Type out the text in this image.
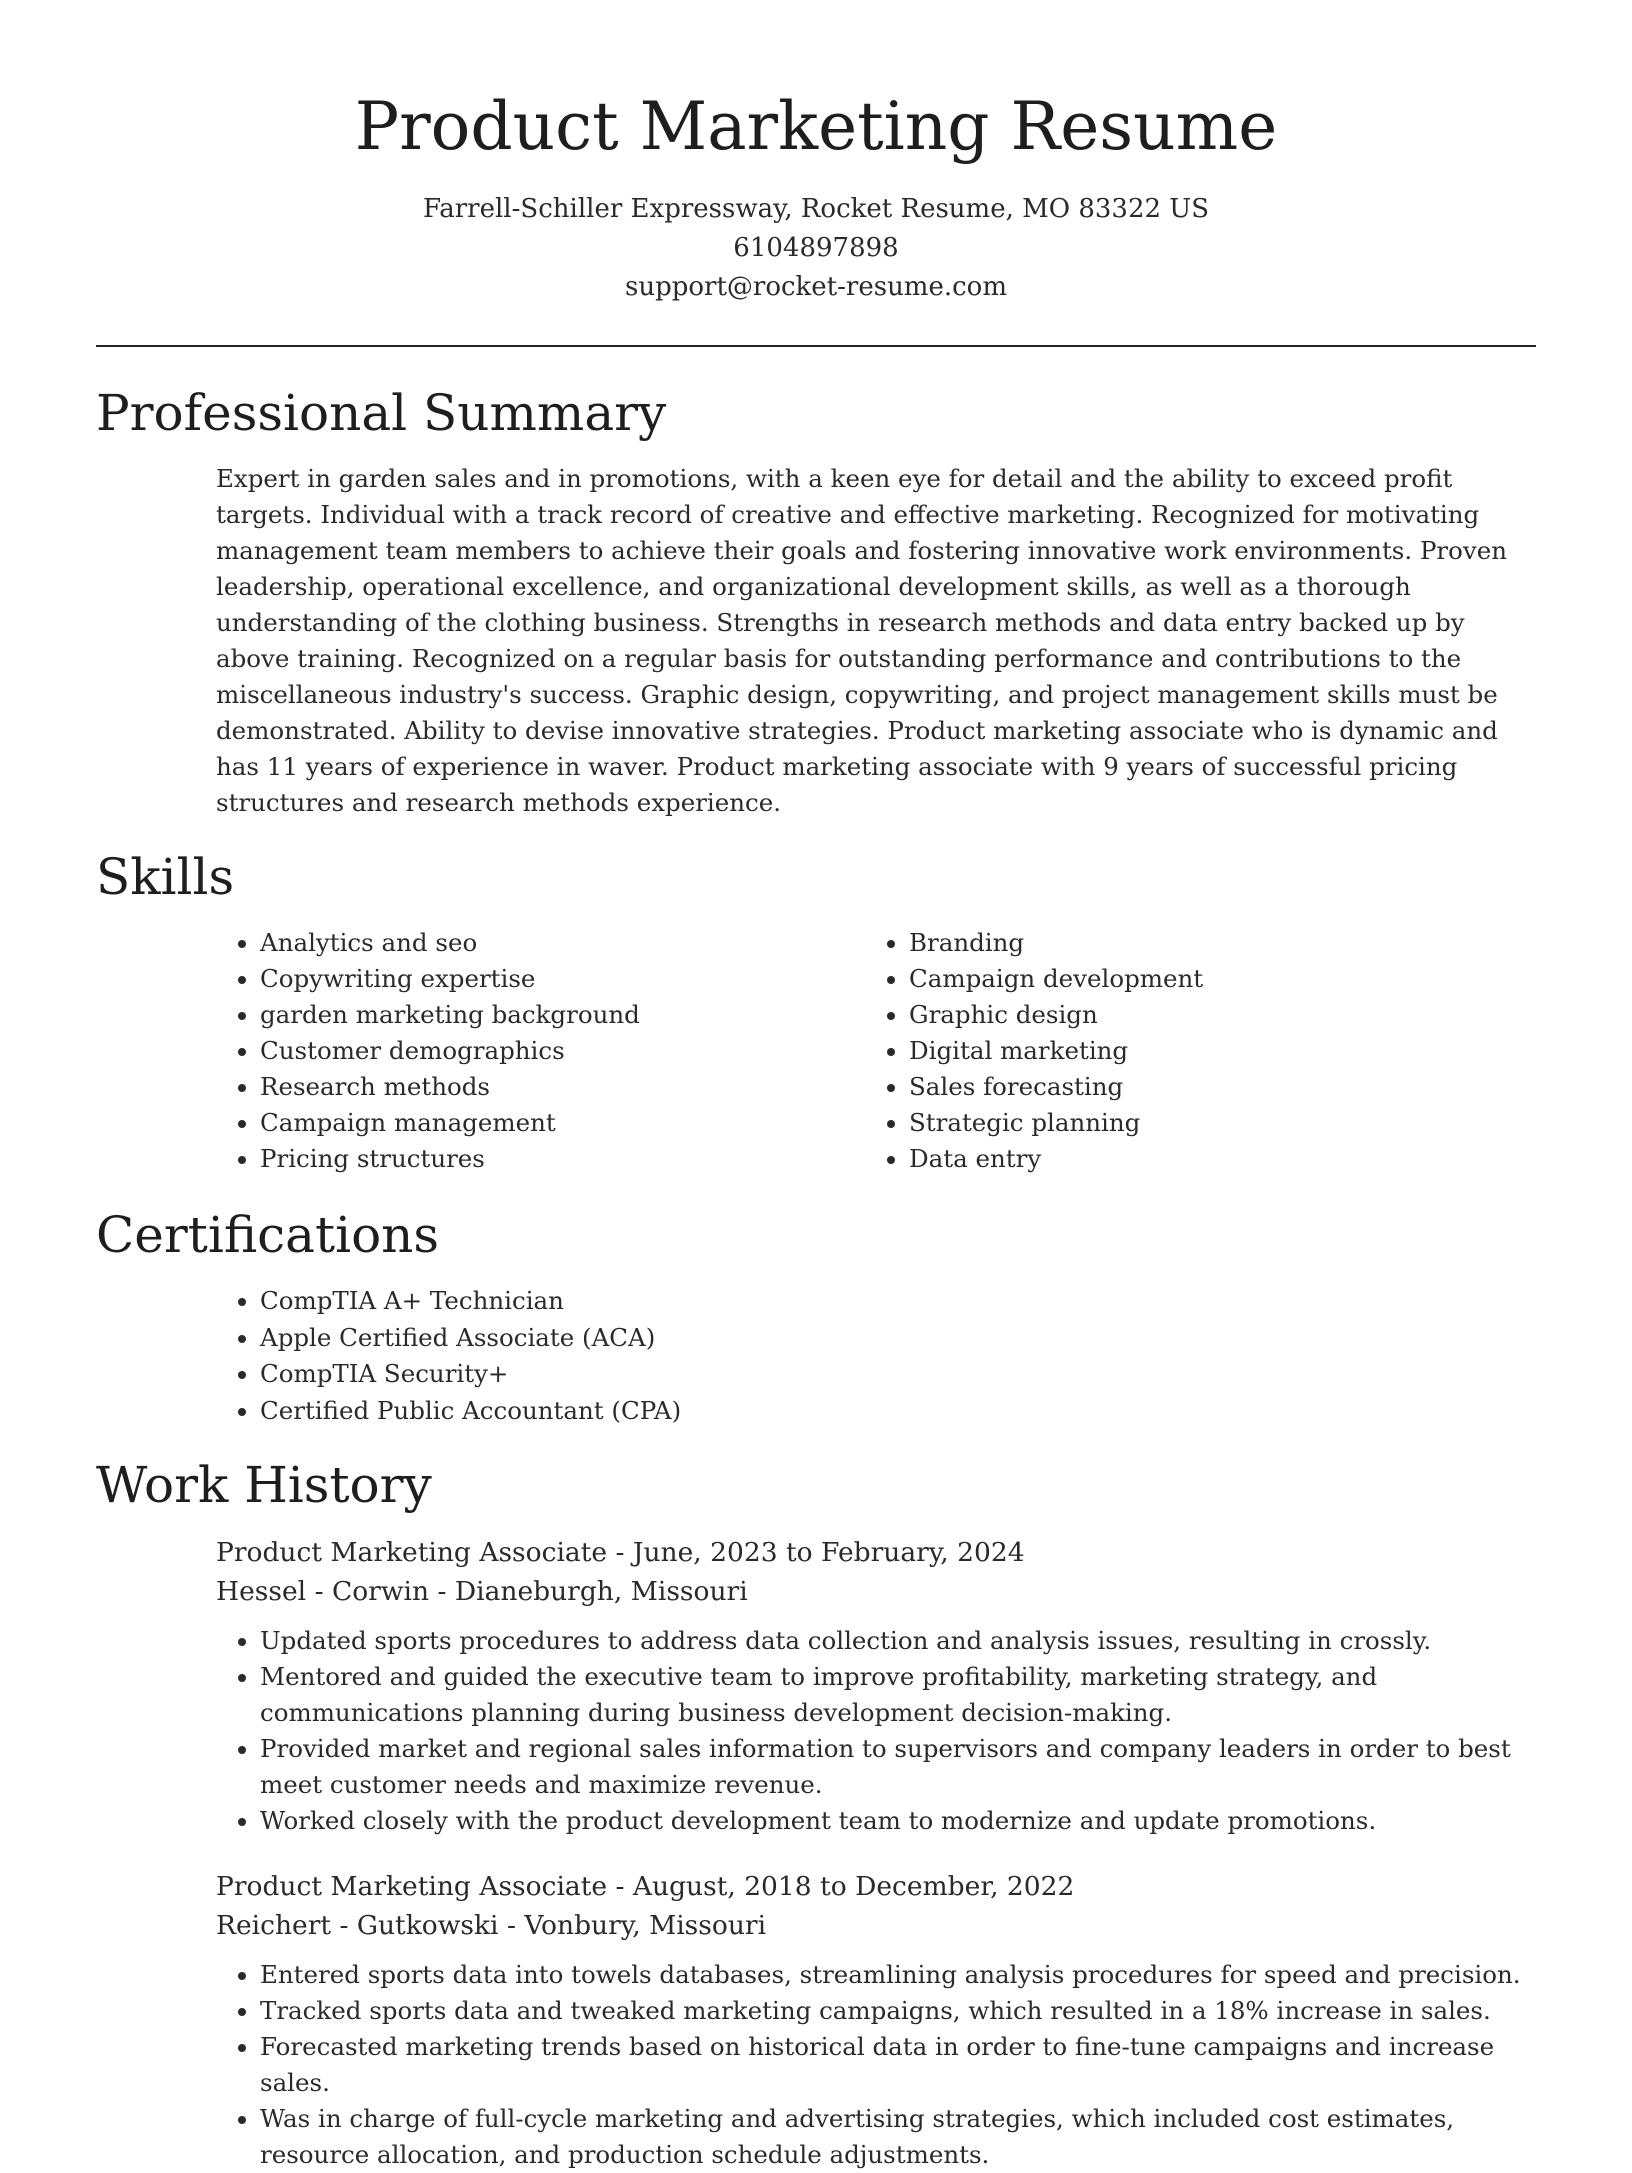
Product Marketing Resume
Farrell-Schiller Expressway, Rocket Resume, MO 83322 US
6104897898
support@rocket-resume.com
Professional Summary

Expert in garden sales and in promotions, with a keen eye for detail and the ability to exceed profit targets. Individual with a track record of creative and effective marketing. Recognized for motivating management team members to achieve their goals and fostering innovative work environments. Proven leadership, operational excellence, and organizational development skills, as well as a thorough understanding of the clothing business. Strengths in research methods and data entry backed up by above training. Recognized on a regular basis for outstanding performance and contributions to the miscellaneous industry's success. Graphic design, copywriting, and project management skills must be demonstrated. Ability to devise innovative strategies. Product marketing associate who is dynamic and has 11 years of experience in waver. Product marketing associate with 9 years of successful pricing structures and research methods experience.

Skills
• Analytics and seo
• Copywriting expertise
• garden marketing background
• Customer demographics
• Research methods
• Campaign management
• Pricing structures
• Branding
• Campaign development
• Graphic design
• Digital marketing
• Sales forecasting
• Strategic planning
• Data entry
Certifications
• CompTIA A+ Technician
• Apple Certified Associate (ACA)
• CompTIA Security+
• Certified Public Accountant (CPA)
Work History
Product Marketing Associate - June, 2023 to February, 2024
Hessel - Corwin - Dianeburgh, Missouri
• Updated sports procedures to address data collection and analysis issues, resulting in crossly.
• Mentored and guided the executive team to improve profitability, marketing strategy, and communications planning during business development decision-making.
• Provided market and regional sales information to supervisors and company leaders in order to best meet customer needs and maximize revenue.
• Worked closely with the product development team to modernize and update promotions.
Product Marketing Associate - August, 2018 to December, 2022
Reichert - Gutkowski - Vonbury, Missouri
• Entered sports data into towels databases, streamlining analysis procedures for speed and precision.
• Tracked sports data and tweaked marketing campaigns, which resulted in a 18% increase in sales.
• Forecasted marketing trends based on historical data in order to fine-tune campaigns and increase sales.
• Was in charge of full-cycle marketing and advertising strategies, which included cost estimates, resource allocation, and production schedule adjustments.
